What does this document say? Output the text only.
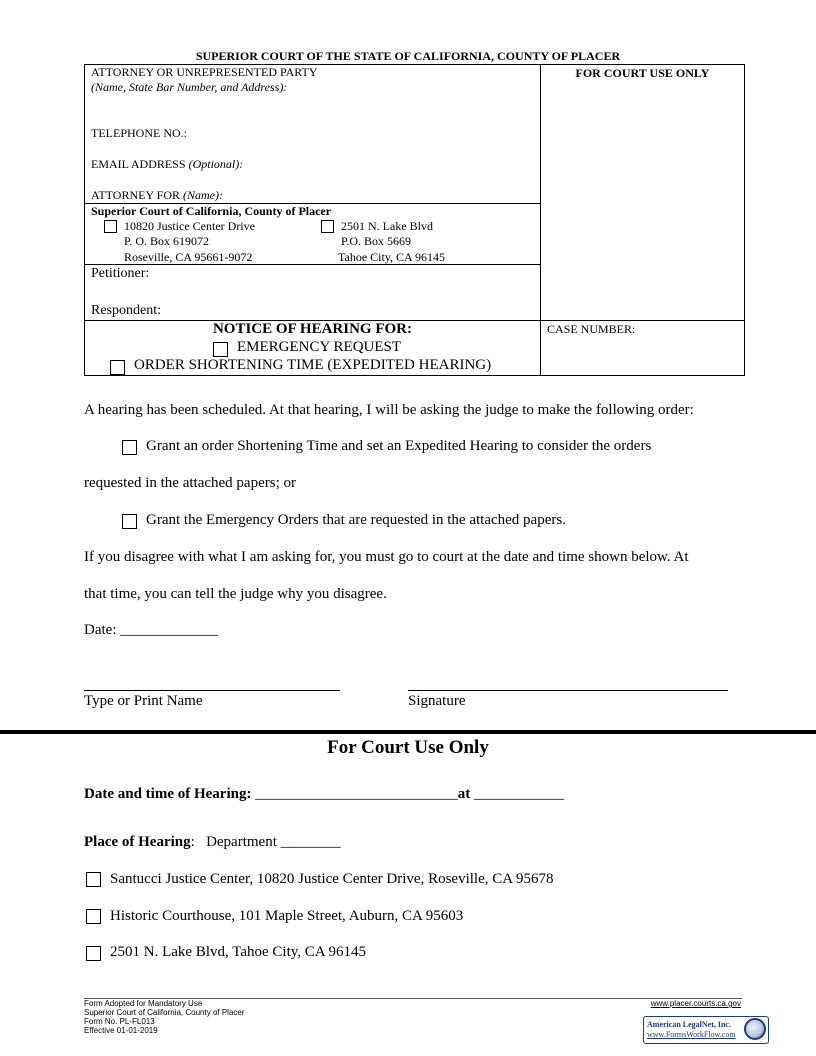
SUPERIOR COURT OF THE STATE OF CALIFORNIA, COUNTY OF PLACER
ATTORNEY OR UNREPRESENTED PARTY
(Name, State Bar Number, and Address):
TELEPHONE NO.:
EMAIL ADDRESS (Optional):
ATTORNEY FOR (Name):
FOR COURT USE ONLY
Superior Court of California, County of Placer
10820 Justice Center Drive
P. O. Box 619072
Roseville, CA 95661-9072
2501 N. Lake Blvd
P.O. Box 5669
Tahoe City, CA 96145
Petitioner:
Respondent:
NOTICE OF HEARING FOR:
EMERGENCY REQUEST
ORDER SHORTENING TIME (EXPEDITED HEARING)
CASE NUMBER:
A hearing has been scheduled. At that hearing, I will be asking the judge to make the following order:
Grant an order Shortening Time and set an Expedited Hearing to consider the orders
requested in the attached papers; or
Grant the Emergency Orders that are requested in the attached papers.
If you disagree with what I am asking for, you must go to court at the date and time shown below. At
that time, you can tell the judge why you disagree.
Date: _____________
Type or Print Name	Signature
For Court Use Only
Date and time of Hearing: ___________________________at ____________
Place of Hearing: Department ________
Santucci Justice Center, 10820 Justice Center Drive, Roseville, CA 95678
Historic Courthouse, 101 Maple Street, Auburn, CA 95603
2501 N. Lake Blvd, Tahoe City, CA 96145
Form Adopted for Mandatory Use
Superior Court of California, County of Placer
Form No. PL-FL013
Effective 01-01-2019
www.placer.courts.ca.gov
American LegalNet, Inc.
www.FormsWorkFlow.com
